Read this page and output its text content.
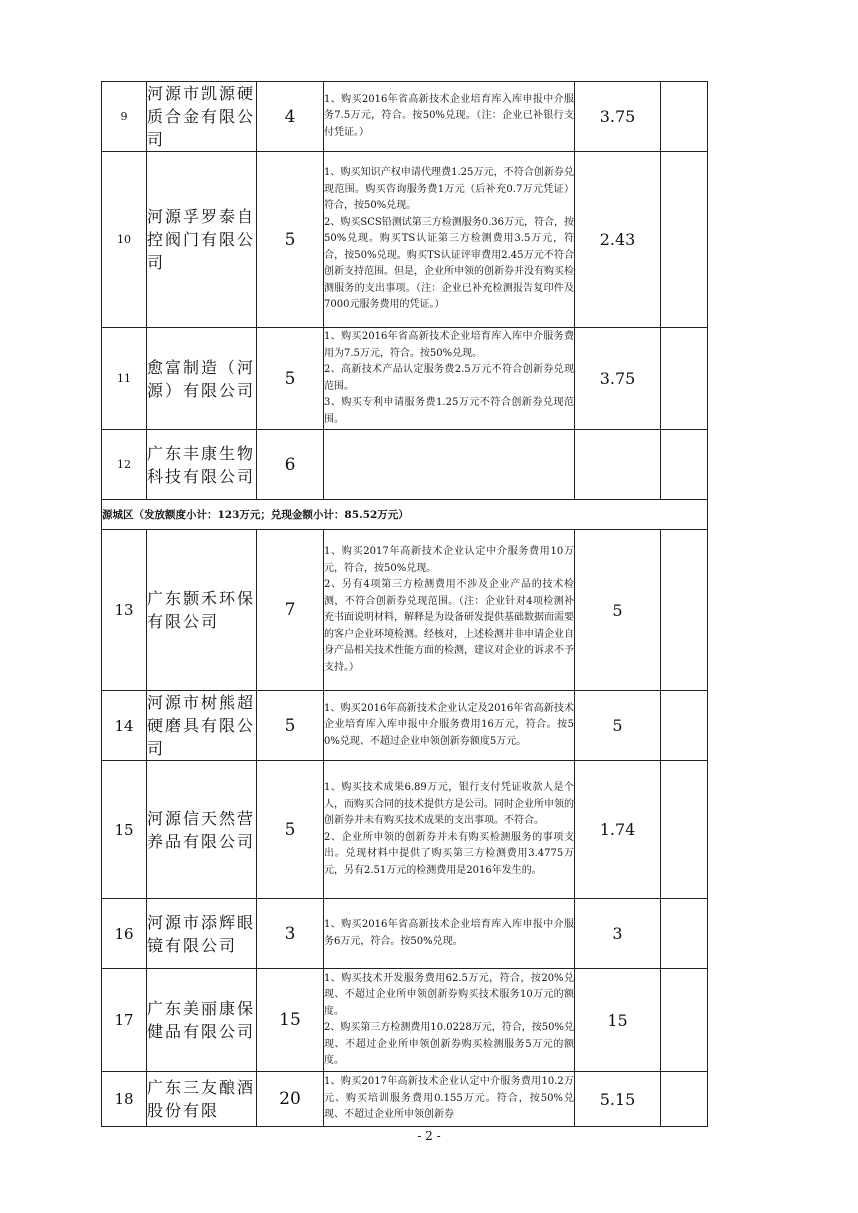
9	河源市凯源硬质合金有限公司	4	1、购买2016年省高新技术企业培育库入库申报中介服务7.5万元，符合。按50%兑现。（注：企业已补银行支付凭证。）	3.75	
10	河源孚罗泰自控阀门有限公司	5	1、购买知识产权申请代理费1.25万元，不符合创新券兑现范围。购买咨询服务费1万元（后补充0.7万元凭证）符合，按50%兑现。
2、购买SCS铅测试第三方检测服务0.36万元，符合，按50%兑现。购买TS认证第三方检测费用3.5万元，符合，按50%兑现。购买TS认证评审费用2.45万元不符合创新支持范围。但是，企业所申领的创新券并没有购买检测服务的支出事项。（注：企业已补充检测报告复印件及7000元服务费用的凭证。）	2.43	
11	愈富制造（河源）有限公司	5	1、购买2016年省高新技术企业培育库入库中介服务费用为7.5万元，符合。按50%兑现。
2、高新技术产品认定服务费2.5万元不符合创新券兑现范围。
3、购买专利申请服务费1.25万元不符合创新券兑现范围。	3.75	
12	广东丰康生物科技有限公司	6			
源城区（发放额度小计：123万元；兑现金额小计：85.52万元）					
13	广东颢禾环保有限公司	7	1、购买2017年高新技术企业认定中介服务费用10万元，符合，按50%兑现。
2、另有4项第三方检测费用不涉及企业产品的技术检测，不符合创新券兑现范围。（注：企业针对4项检测补充书面说明材料，解释是为设备研发提供基础数据而需要的客户企业环境检测。经核对，上述检测并非申请企业自身产品相关技术性能方面的检测，建议对企业的诉求不予支持。）	5	
14	河源市树熊超硬磨具有限公司	5	1、购买2016年高新技术企业认定及2016年省高新技术企业培育库入库申报中介服务费用16万元，符合。按50%兑现、不超过企业申领创新券额度5万元。	5	
15	河源信天然营养品有限公司	5	1、购买技术成果6.89万元，银行支付凭证收款人是个人，而购买合同的技术提供方是公司。同时企业所申领的创新券并未有购买技术成果的支出事项。不符合。
2、企业所申领的创新券并未有购买检测服务的事项支出。兑现材料中提供了购买第三方检测费用3.4775万元，另有2.51万元的检测费用是2016年发生的。	1.74	
16	河源市添辉眼镜有限公司	3	1、购买2016年省高新技术企业培育库入库申报中介服务6万元，符合。按50%兑现。	3	
17	广东美丽康保健品有限公司	15	1、购买技术开发服务费用62.5万元，符合，按20%兑现、不超过企业所申领创新券购买技术服务10万元的额度。
2、购买第三方检测费用10.0228万元，符合，按50%兑现、不超过企业所申领创新券购买检测服务5万元的额度。	15	
18	广东三友酿酒股份有限	20	1、购买2017年高新技术企业认定中介服务费用10.2万元、购买培训服务费用0.155万元。符合，按50%兑现、不超过企业所申领创新券	5.15	
- 2 -
